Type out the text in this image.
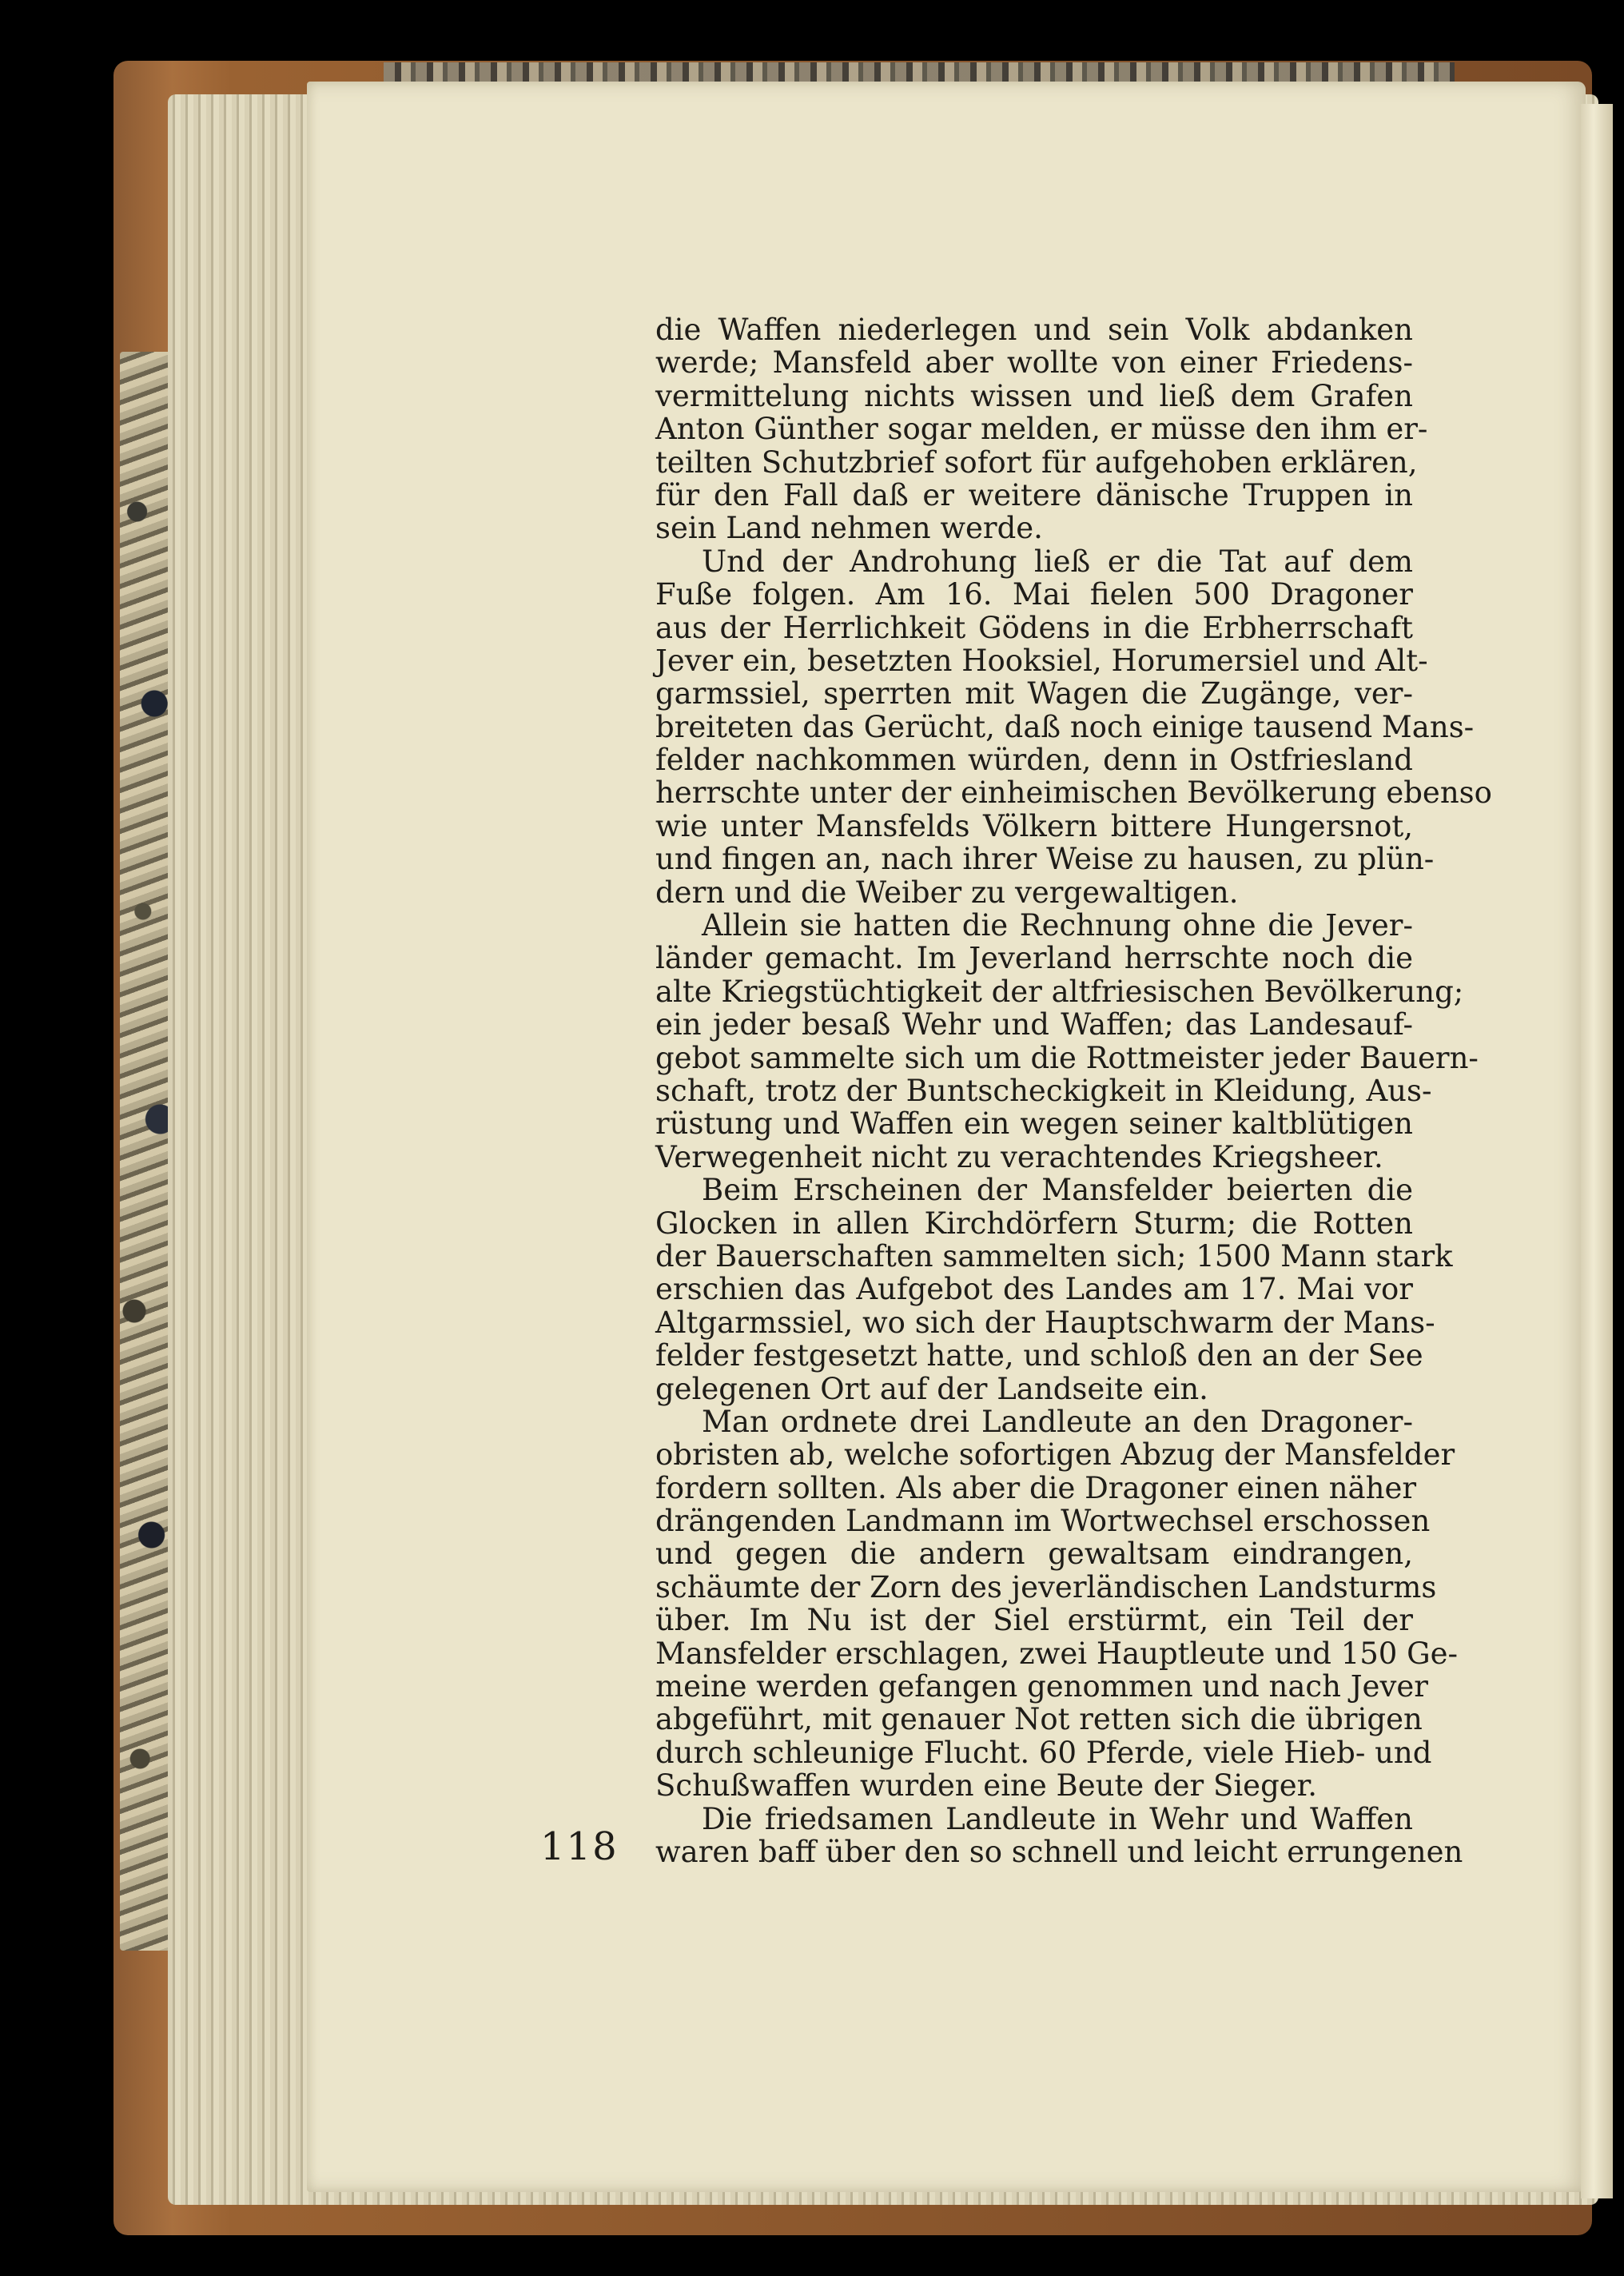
die Waffen niederlegen und sein Volk abdanken
werde; Mansfeld aber wollte von einer Friedens-
vermittelung nichts wissen und ließ dem Grafen
Anton Günther sogar melden, er müsse den ihm er-
teilten Schutzbrief sofort für aufgehoben erklären,
für den Fall daß er weitere dänische Truppen in
sein Land nehmen werde.
Und der Androhung ließ er die Tat auf dem
Fuße folgen. Am 16. Mai fielen 500 Dragoner
aus der Herrlichkeit Gödens in die Erbherrschaft
Jever ein, besetzten Hooksiel, Horumersiel und Alt-
garmssiel, sperrten mit Wagen die Zugänge, ver-
breiteten das Gerücht, daß noch einige tausend Mans-
felder nachkommen würden, denn in Ostfriesland
herrschte unter der einheimischen Bevölkerung ebenso
wie unter Mansfelds Völkern bittere Hungersnot,
und fingen an, nach ihrer Weise zu hausen, zu plün-
dern und die Weiber zu vergewaltigen.
Allein sie hatten die Rechnung ohne die Jever-
länder gemacht. Im Jeverland herrschte noch die
alte Kriegstüchtigkeit der altfriesischen Bevölkerung;
ein jeder besaß Wehr und Waffen; das Landesauf-
gebot sammelte sich um die Rottmeister jeder Bauern-
schaft, trotz der Buntscheckigkeit in Kleidung, Aus-
rüstung und Waffen ein wegen seiner kaltblütigen
Verwegenheit nicht zu verachtendes Kriegsheer.
Beim Erscheinen der Mansfelder beierten die
Glocken in allen Kirchdörfern Sturm; die Rotten
der Bauerschaften sammelten sich; 1500 Mann stark
erschien das Aufgebot des Landes am 17. Mai vor
Altgarmssiel, wo sich der Hauptschwarm der Mans-
felder festgesetzt hatte, und schloß den an der See
gelegenen Ort auf der Landseite ein.
Man ordnete drei Landleute an den Dragoner-
obristen ab, welche sofortigen Abzug der Mansfelder
fordern sollten. Als aber die Dragoner einen näher
drängenden Landmann im Wortwechsel erschossen
und gegen die andern gewaltsam eindrangen,
schäumte der Zorn des jeverländischen Landsturms
über. Im Nu ist der Siel erstürmt, ein Teil der
Mansfelder erschlagen, zwei Hauptleute und 150 Ge-
meine werden gefangen genommen und nach Jever
abgeführt, mit genauer Not retten sich die übrigen
durch schleunige Flucht. 60 Pferde, viele Hieb- und
Schußwaffen wurden eine Beute der Sieger.
Die friedsamen Landleute in Wehr und Waffen
waren baff über den so schnell und leicht errungenen
118
